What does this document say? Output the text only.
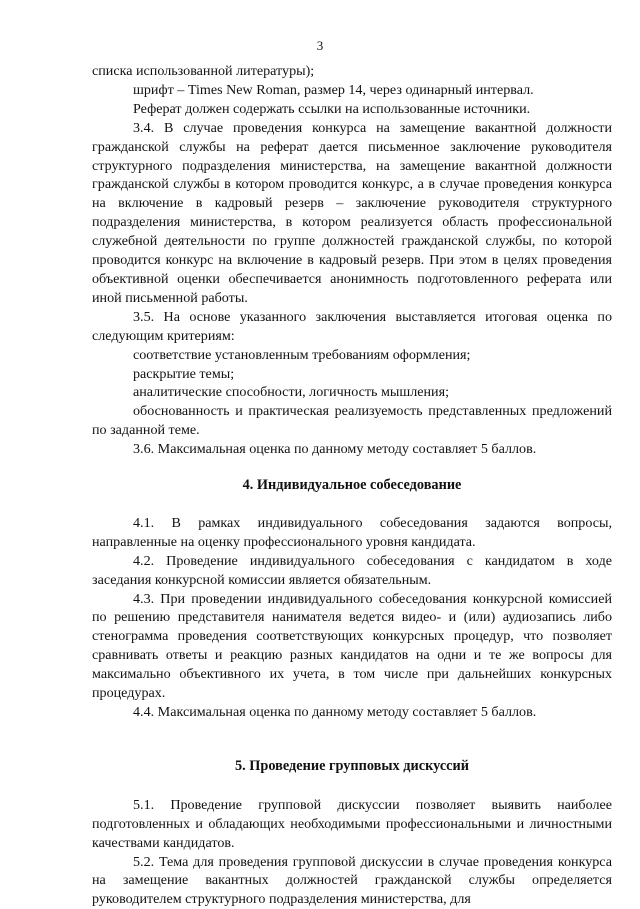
3

списка использованной литературы);

шрифт – Times New Roman, размер 14, через одинарный интервал.

Реферат должен содержать ссылки на использованные источники.

3.4. В случае проведения конкурса на замещение вакантной должности гражданской службы на реферат дается письменное заключение руководителя структурного подразделения министерства, на замещение вакантной должности гражданской службы в котором проводится конкурс, а в случае проведения конкурса на включение в кадровый резерв – заключение руководителя структурного подразделения министерства, в котором реализуется область профессиональной служебной деятельности по группе должностей гражданской службы, по которой проводится конкурс на включение в кадровый резерв. При этом в целях проведения объективной оценки обеспечивается анонимность подготовленного реферата или иной письменной работы.

3.5. На основе указанного заключения выставляется итоговая оценка по следующим критериям:

соответствие установленным требованиям оформления;

раскрытие темы;

аналитические способности, логичность мышления;

обоснованность и практическая реализуемость представленных предложений по заданной теме.

3.6. Максимальная оценка по данному методу составляет 5 баллов.

4. Индивидуальное собеседование

4.1. В рамках индивидуального собеседования задаются вопросы, направленные на оценку профессионального уровня кандидата.

4.2. Проведение индивидуального собеседования с кандидатом в ходе заседания конкурсной комиссии является обязательным.

4.3. При проведении индивидуального собеседования конкурсной комиссией по решению представителя нанимателя ведется видео- и (или) аудиозапись либо стенограмма проведения соответствующих конкурсных процедур, что позволяет сравнивать ответы и реакцию разных кандидатов на одни и те же вопросы для максимально объективного их учета, в том числе при дальнейших конкурсных процедурах.

4.4. Максимальная оценка по данному методу составляет 5 баллов.

5. Проведение групповых дискуссий

5.1. Проведение групповой дискуссии позволяет выявить наиболее подготовленных и обладающих необходимыми профессиональными и личностными качествами кандидатов.

5.2. Тема для проведения групповой дискуссии в случае проведения конкурса на замещение вакантных должностей гражданской службы определяется руководителем структурного подразделения министерства, для
